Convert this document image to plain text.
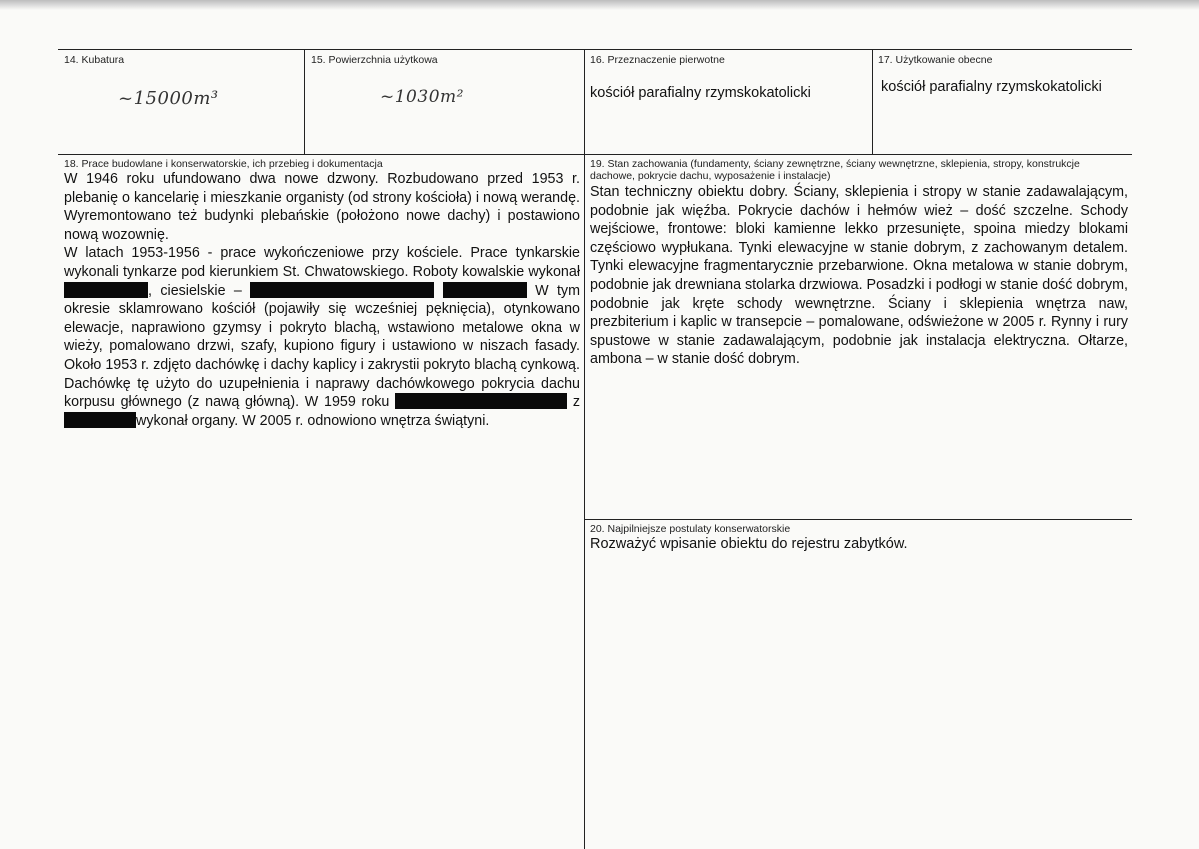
14. Kubatura
~15000m³
15. Powierzchnia użytkowa
~1030m²
16. Przeznaczenie pierwotne
kościół parafialny rzymskokatolicki
17. Użytkowanie obecne
kościół parafialny rzymskokatolicki
18. Prace budowlane i konserwatorskie, ich przebieg i dokumentacja

W 1946 roku ufundowano dwa nowe dzwony. Rozbudowano przed 1953 r. plebanię o kancelarię i mieszkanie organisty (od strony kościoła) i nową werandę. Wyremontowano też budynki plebańskie (położono nowe dachy) i postawiono nową wozownię.

W latach 1953-1956 - prace wykończeniowe przy kościele. Prace tynkarskie wykonali tynkarze pod kierunkiem St. Chwatowskiego. Roboty kowalskie wykonał , ciesielskie –	W tym okresie sklamrowano kościół (pojawiły się wcześniej pęknięcia), otynkowano elewacje, naprawiono gzymsy i pokryto blachą, wstawiono metalowe okna w wieży, pomalowano drzwi, szafy, kupiono figury i ustawiono w niszach fasady. Około 1953 r. zdjęto dachówkę i dachy kaplicy i zakrystii pokryto blachą cynkową. Dachówkę tę użyto do uzupełnienia i naprawy dachówkowego pokrycia dachu korpusu głównego (z nawą główną). W 1959 roku	z wykonał organy. W 2005 r. odnowiono wnętrza świątyni.

19. Stan zachowania (fundamenty, ściany zewnętrzne, ściany wewnętrzne, sklepienia, stropy, konstrukcje dachowe, pokrycie dachu, wyposażenie i instalacje)
Stan techniczny obiektu dobry. Ściany, sklepienia i stropy w stanie zadawalającym, podobnie jak więźba. Pokrycie dachów i hełmów wież – dość szczelne. Schody wejściowe, frontowe: bloki kamienne lekko przesunięte, spoina miedzy blokami częściowo wypłukana. Tynki elewacyjne w stanie dobrym, z zachowanym detalem. Tynki elewacyjne fragmentarycznie przebarwione. Okna metalowa w stanie dobrym, podobnie jak drewniana stolarka drzwiowa. Posadzki i podłogi w stanie dość dobrym, podobnie jak kręte schody wewnętrzne. Ściany i sklepienia wnętrza naw, prezbiterium i kaplic w transepcie – pomalowane, odświeżone w 2005 r. Rynny i rury spustowe w stanie zadawalającym, podobnie jak instalacja elektryczna. Ołtarze, ambona – w stanie dość dobrym.
20. Najpilniejsze postulaty konserwatorskie
Rozważyć wpisanie obiektu do rejestru zabytków.
